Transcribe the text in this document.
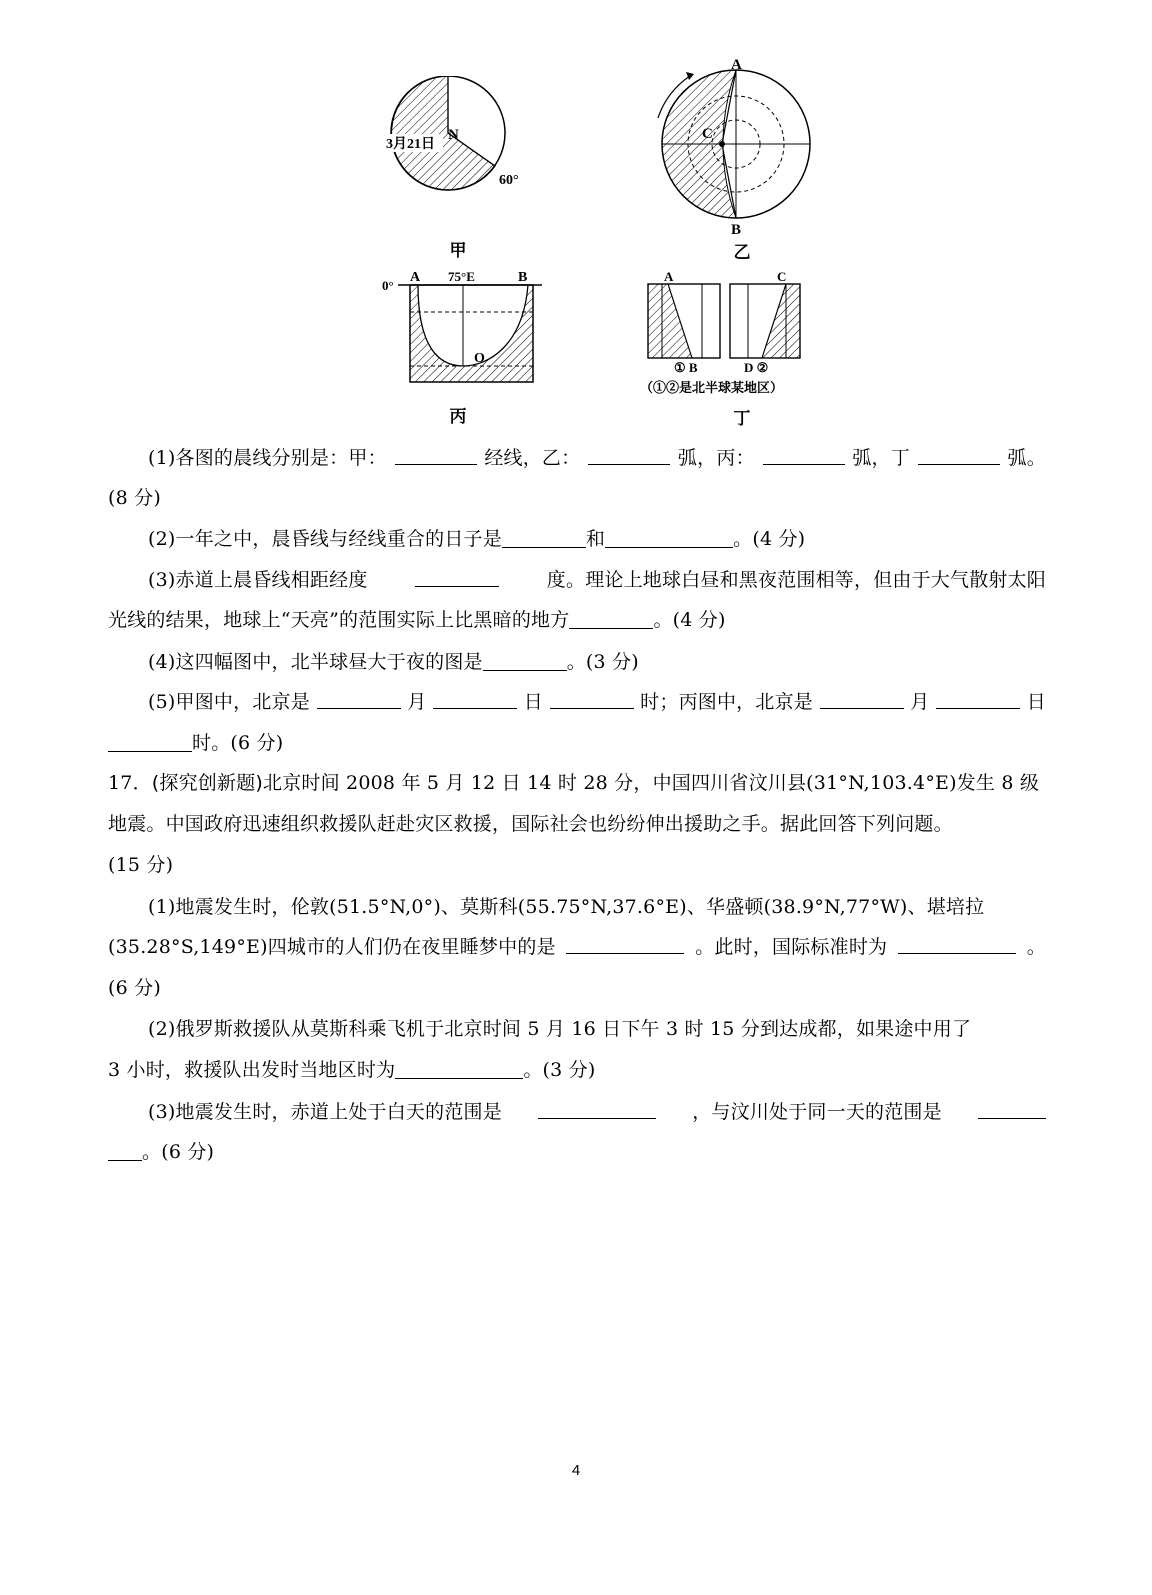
3月21日
N
60°
甲
A
C
B
乙
0°
A 75°E	B
O
丙
A	C
① B	D ②
（①②是北半球某地区）
丁
(1)各图的晨线分别是：甲：	经线，乙：	弧，丙：	弧，丁	弧。
(8 分)
(2)一年之中，晨昏线与经线重合的日子是	和	。(4 分)
(3)赤道上晨昏线相距经度	度。理论上地球白昼和黑夜范围相等，但由于大气散射太阳
光线的结果，地球上“天亮”的范围实际上比黑暗的地方	。(4 分)
(4)这四幅图中，北半球昼大于夜的图是	。(3 分)
(5)甲图中，北京是	月	日	时；丙图中，北京是	月	日
时。(6 分)
17．(探究创新题)北京时间 2008 年 5 月 12 日 14 时 28 分，中国四川省汶川县(31°N,103.4°E)发生 8 级
地震。中国政府迅速组织救援队赶赴灾区救援，国际社会也纷纷伸出援助之手。据此回答下列问题。
(15 分)
(1)地震发生时，伦敦(51.5°N,0°)、莫斯科(55.75°N,37.6°E)、华盛顿(38.9°N,77°W)、堪培拉
(35.28°S,149°E)四城市的人们仍在夜里睡梦中的是	。此时，国际标准时为	。
(6 分)
(2)俄罗斯救援队从莫斯科乘飞机于北京时间 5 月 16 日下午 3 时 15 分到达成都，如果途中用了
3 小时，救援队出发时当地区时为	。(3 分)
(3)地震发生时，赤道上处于白天的范围是	，与汶川处于同一天的范围是
。(6 分)
4
